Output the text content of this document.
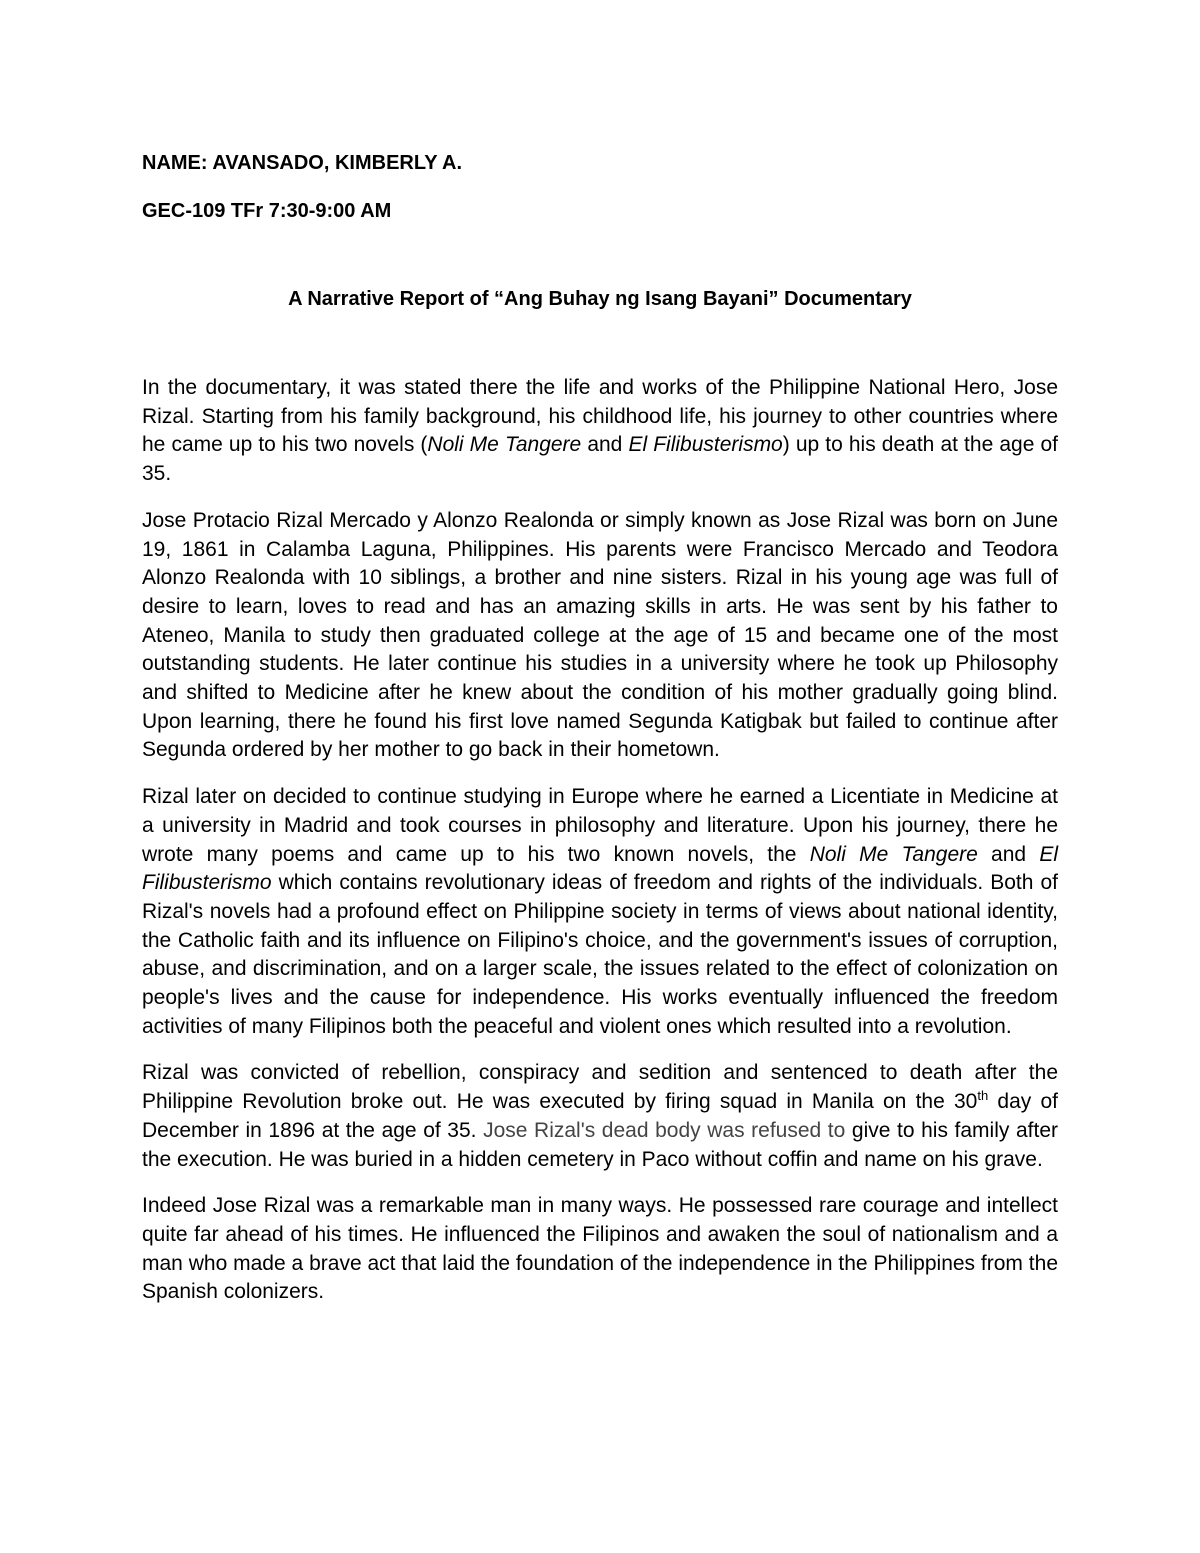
NAME: AVANSADO, KIMBERLY A.
GEC-109 TFr 7:30-9:00 AM
A Narrative Report of “Ang Buhay ng Isang Bayani” Documentary

In the documentary, it was stated there the life and works of the Philippine National Hero, Jose Rizal. Starting from his family background, his childhood life, his journey to other countries where he came up to his two novels (Noli Me Tangere and El Filibusterismo) up to his death at the age of 35.

Jose Protacio Rizal Mercado y Alonzo Realonda or simply known as Jose Rizal was born on June 19, 1861 in Calamba Laguna, Philippines. His parents were Francisco Mercado and Teodora Alonzo Realonda with 10 siblings, a brother and nine sisters. Rizal in his young age was full of desire to learn, loves to read and has an amazing skills in arts. He was sent by his father to Ateneo, Manila to study then graduated college at the age of 15 and became one of the most outstanding students. He later continue his studies in a university where he took up Philosophy and shifted to Medicine after he knew about the condition of his mother gradually going blind. Upon learning, there he found his first love named Segunda Katigbak but failed to continue after Segunda ordered by her mother to go back in their hometown.

Rizal later on decided to continue studying in Europe where he earned a Licentiate in Medicine at a university in Madrid and took courses in philosophy and literature. Upon his journey, there he wrote many poems and came up to his two known novels, the Noli Me Tangere and El Filibusterismo which contains revolutionary ideas of freedom and rights of the individuals. Both of Rizal's novels had a profound effect on Philippine society in terms of views about national identity, the Catholic faith and its influence on Filipino's choice, and the government's issues of corruption, abuse, and discrimination, and on a larger scale, the issues related to the effect of colonization on people's lives and the cause for independence. His works eventually influenced the freedom activities of many Filipinos both the peaceful and violent ones which resulted into a revolution.

Rizal was convicted of rebellion, conspiracy and sedition and sentenced to death after the Philippine Revolution broke out. He was executed by firing squad in Manila on the 30th day of December in 1896 at the age of 35. Jose Rizal's dead body was refused to give to his family after the execution. He was buried in a hidden cemetery in Paco without coffin and name on his grave.

Indeed Jose Rizal was a remarkable man in many ways. He possessed rare courage and intellect quite far ahead of his times. He influenced the Filipinos and awaken the soul of nationalism and a man who made a brave act that laid the foundation of the independence in the Philippines from the Spanish colonizers.
